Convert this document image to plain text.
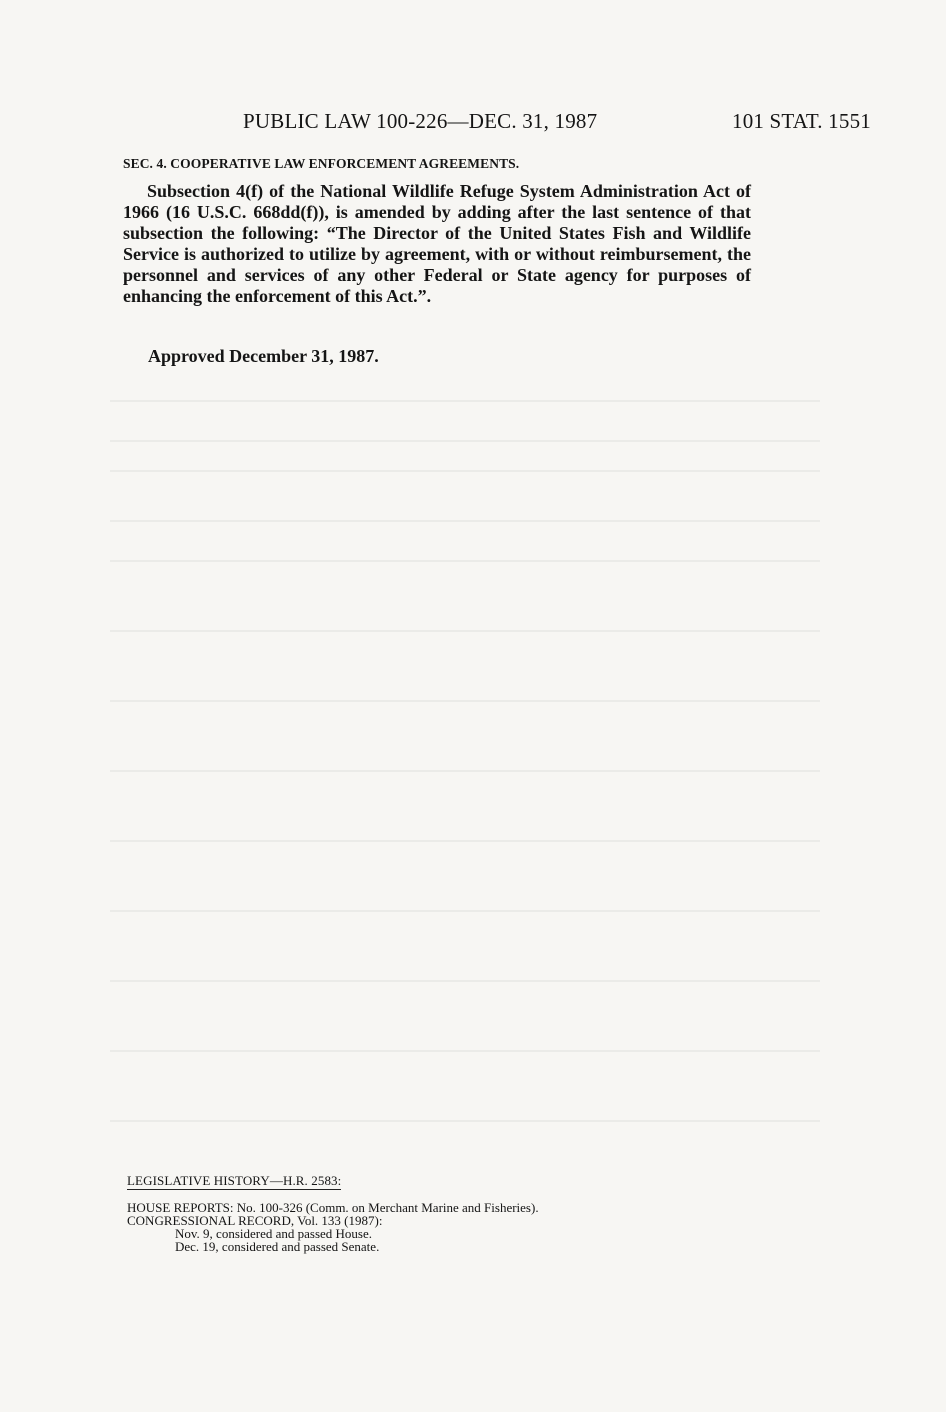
PUBLIC LAW 100-226—DEC. 31, 1987	101 STAT. 1551
SEC. 4. COOPERATIVE LAW ENFORCEMENT AGREEMENTS.

Subsection 4(f) of the National Wildlife Refuge System Administration Act of 1966 (16 U.S.C. 668dd(f)), is amended by adding after the last sentence of that subsection the following: “The Director of the United States Fish and Wildlife Service is authorized to utilize by agreement, with or without reimbursement, the personnel and services of any other Federal or State agency for purposes of enhancing the enforcement of this Act.”.

Approved December 31, 1987.
LEGISLATIVE HISTORY—H.R. 2583:
HOUSE REPORTS: No. 100-326 (Comm. on Merchant Marine and Fisheries).
CONGRESSIONAL RECORD, Vol. 133 (1987):
Nov. 9, considered and passed House.
Dec. 19, considered and passed Senate.
